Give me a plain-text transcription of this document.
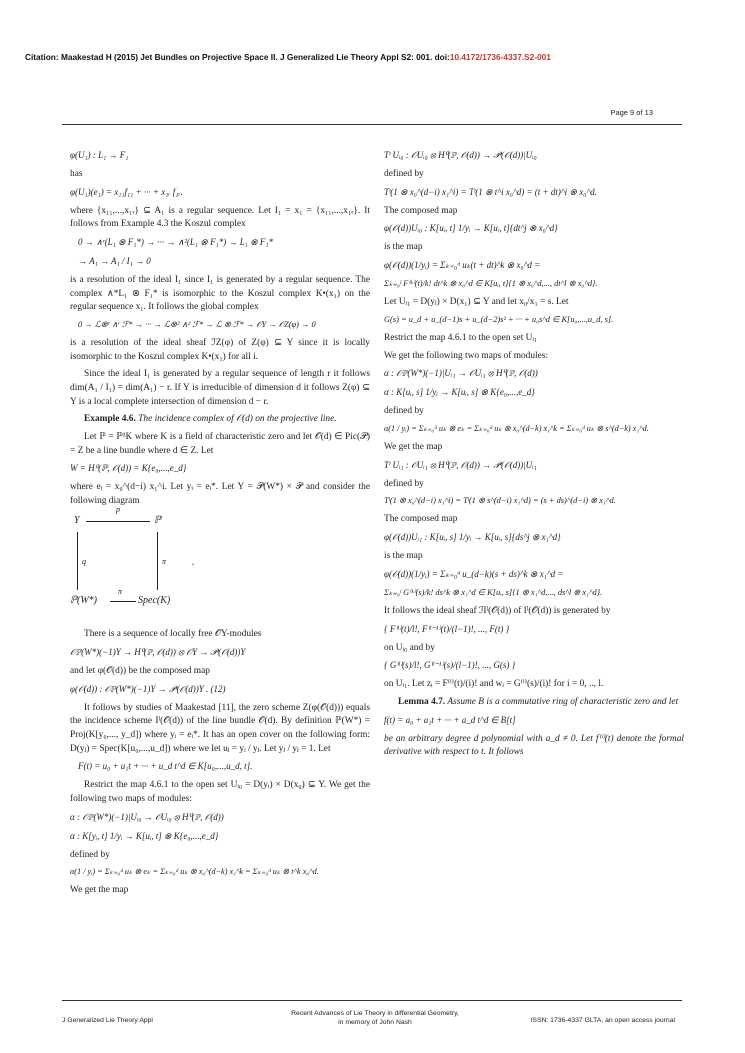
Citation: Maakestad H (2015) Jet Bundles on Projective Space II. J Generalized Lie Theory Appl S2: 001. doi:10.4172/1736-4337.S2-001
Page 9 of 13
φ(U₁) : L₁ → F₁

has

φ(U₁)(e₁) = x₁₁f₁₁ + ··· + x₁ᵣ f₁ᵣ.

where {x₁₁,...,x₁ᵣ} ⊆ A₁ is a regular sequence. Let I₁ = x₁ = {x₁₁,...,x₁ᵣ}. It follows from Example 4.3 the Koszul complex

0 → ∧ʳ(L₁ ⊗ F₁*) → ··· → ∧²(L₁ ⊗ F₁*) → L₁ ⊗ F₁*
→ A₁ → A₁ / I₁ → 0

is a resolution of the ideal I₁ since I₁ is generated by a regular sequence. The complex ∧*L₁ ⊗ F₁* is isomorphic to the Koszul complex K•(x₁) on the regular sequence x₁. It follows the global complex

0 → ℒ⊗ʳ ∧ʳ ℱ* → ··· → ℒ⊗² ∧² ℱ* → ℒ ⊗ ℱ* → 𝒪Y → 𝒪Z(φ) → 0

is a resolution of the ideal sheaf ℐZ(φ) of Z(φ) ⊆ Y since it is locally isomorphic to the Koszul complex K•(x₁) for all i.

Since the ideal I₁ is generated by a regular sequence of length r it follows dim(A₁ / I₁) = dim(A₁) − r. If Y is irreducible of dimension d it follows Z(φ) ⊆ Y is a local complete intersection of dimension d − r.

Example 4.6. The incidence complex of 𝒪(d) on the projective line.

Let ℙ = ℙ¹K where K is a field of characteristic zero and let 𝒪(d) ∈ Pic(𝒫) = Z be a line bundle where d ∈ Z. Let

W = H⁰(ℙ, 𝒪(d)) = K{e₀,...,e_d}

where eᵢ = x₀^(d−i) x₁^i. Let yᵢ = eᵢ*. Let Y = 𝒫(W*) × 𝒫 and consider the following diagram

Y	ℙ
ℙ(W*)	Spec(K)
p
q	π
π
.

There is a sequence of locally free 𝒪Y-modules

𝒪ℙ(W*)(−1)Y → H⁰(ℙ, 𝒪(d)) ⊗ 𝒪Y → 𝒫ˡ(𝒪(d))Y

and let φ(𝒪(d)) be the composed map

φ(𝒪(d)) : 𝒪ℙ(W*)(−1)Y → 𝒫ˡ(𝒪(d))Y . (12)

It follows by studies of Maakestad [11], the zero scheme Z(φ(𝒪(d))) equals the incidence scheme Iˡ(𝒪(d)) of the line bundle 𝒪(d). By definition ℙ(W*) = Proj(K[y₀,..., y_d]) where yᵢ = eᵢ*. It has an open cover on the following form: D(yⱼ) = Spec(K[u₀,...,u_d]) where we let uⱼ = yᵢ / yⱼ. Let yⱼ / yⱼ = 1. Let

F(t) = u₀ + u₁t + ··· + u_d t^d ∈ K[u₀,...,u_d, t].

Restrict the map 4.6.1 to the open set Uᵢ₀ = D(yᵢ) × D(x₀) ⊆ Y. We get the following two maps of modules:

α : 𝒪ℙ(W*)(−1)|Uᵢ₀ → 𝒪Uᵢ₀ ⊗ H⁰(ℙ, 𝒪(d))
α : K[yᵢ, t] 1/yᵢ → K[uᵢ, t] ⊗ K{e₀,...,e_d}

defined by

α(1 / yᵢ) = Σₖ₌₀ᵈ uₖ ⊗ eₖ = Σₖ₌₀ᵈ uₖ ⊗ x₀^(d−k) x₁^k = Σₖ₌₀ᵈ uₖ ⊗ t^k x₀^d.

We get the map

Tˡ Uᵢ₀ : 𝒪Uᵢ₀ ⊗ H⁰(ℙ, 𝒪(d)) → 𝒫ˡ(𝒪(d))|Uᵢ₀

defined by

Tˡ(1 ⊗ x₀^(d−i) x₁^i) = Tˡ(1 ⊗ t^i x₀^d) = (t + dt)^i ⊗ x₀^d.

The composed map

φ(𝒪(d))Uᵢ₀ : K[uᵢ, t] 1/yᵢ → K[uᵢ, t]{dt^j ⊗ x₀^d}

is the map

φ(𝒪(d))(1/yᵢ) = Σₖ₌₀ᵈ uₖ(t + dt)^k ⊗ x₀^d =
Σₖ₌₀ˡ F⁽ᵏ⁾(t)/k! dt^k ⊗ x₀^d ∈ K[uᵢ, t]{1 ⊗ x₀^d,..., dt^l ⊗ x₀^d}.

Let Uᵢ₁ = D(yⱼ) × D(x₁) ⊆ Y and let x₀/x₁ = s. Let

G(s) = u_d + u_(d−1)s + u_(d−2)s² + ··· + u₀s^d ∈ K[u₀,...,u_d, s].

Restrict the map 4.6.1 to the open set Uᵢ₁

We get the following two maps of modules:

α : 𝒪ℙ(W*)(−1)|Uᵢ₁ → 𝒪Uᵢ₁ ⊗ H⁰(ℙ, 𝒪(d))
α : K[uᵢ, s] 1/yᵢ → K[uᵢ, s] ⊗ K{e₀,...,e_d}

defined by

α(1 / yᵢ) = Σₖ₌₀ᵈ uₖ ⊗ eₖ = Σₖ₌₀ᵈ uₖ ⊗ x₀^(d−k) x₁^k = Σₖ₌₀ᵈ uₖ ⊗ s^(d−k) x₁^d.

We get the map

Tˡ Uᵢ₁ : 𝒪Uᵢ₁ ⊗ H⁰(ℙ, 𝒪(d)) → 𝒫ˡ(𝒪(d))|Uᵢ₁

defined by

Tˡ(1 ⊗ x₀^(d−i) x₁^i) = Tˡ(1 ⊗ s^(d−i) x₁^d) = (s + ds)^(d−i) ⊗ x₁^d.

The composed map

φ(𝒪(d))Uᵢ₁ : K[uᵢ, s] 1/yᵢ → K[uᵢ, s]{ds^j ⊗ x₁^d}

is the map

φ(𝒪(d))(1/yᵢ) = Σₖ₌₀ᵈ u_(d−k)(s + ds)^k ⊗ x₁^d =
Σₖ₌₀ˡ G⁽ᵏ⁾(s)/k! ds^k ⊗ x₁^d ∈ K[uᵢ, s]{1 ⊗ x₁^d,..., ds^l ⊗ x₁^d}.

It follows the ideal sheaf ℐIˡ(𝒪(d)) of Iˡ(𝒪(d)) is generated by

{ F⁽ˡ⁾(t)/l!, F⁽ˡ⁻¹⁾(t)/(l−1)!, ..., F(t) }

on Uᵢ₀ and by

{ G⁽ˡ⁾(s)/l!, G⁽ˡ⁻¹⁾(s)/(l−1)!, ..., G(s) }

on Uᵢ₁. Let zᵢ = F⁽ⁱ⁾(t)/(i)! and wᵢ = G⁽ⁱ⁾(s)/(i)! for i = 0, .., l.

Lemma 4.7. Assume B is a commutative ring of characteristic zero and let

f(t) = a₀ + a₁t + ··· + a_d t^d ∈ B[t]

be an arbitrary degree d polynomial with a_d ≠ 0. Let f⁽ⁱ⁾(t) denote the formal derivative with respect to t. It follows

J Generalized Lie Theory Appl
Recent Advances of Lie Theory in differential Geometry, in memory of John Nash	ISSN: 1736-4337 GLTA, an open access journal
